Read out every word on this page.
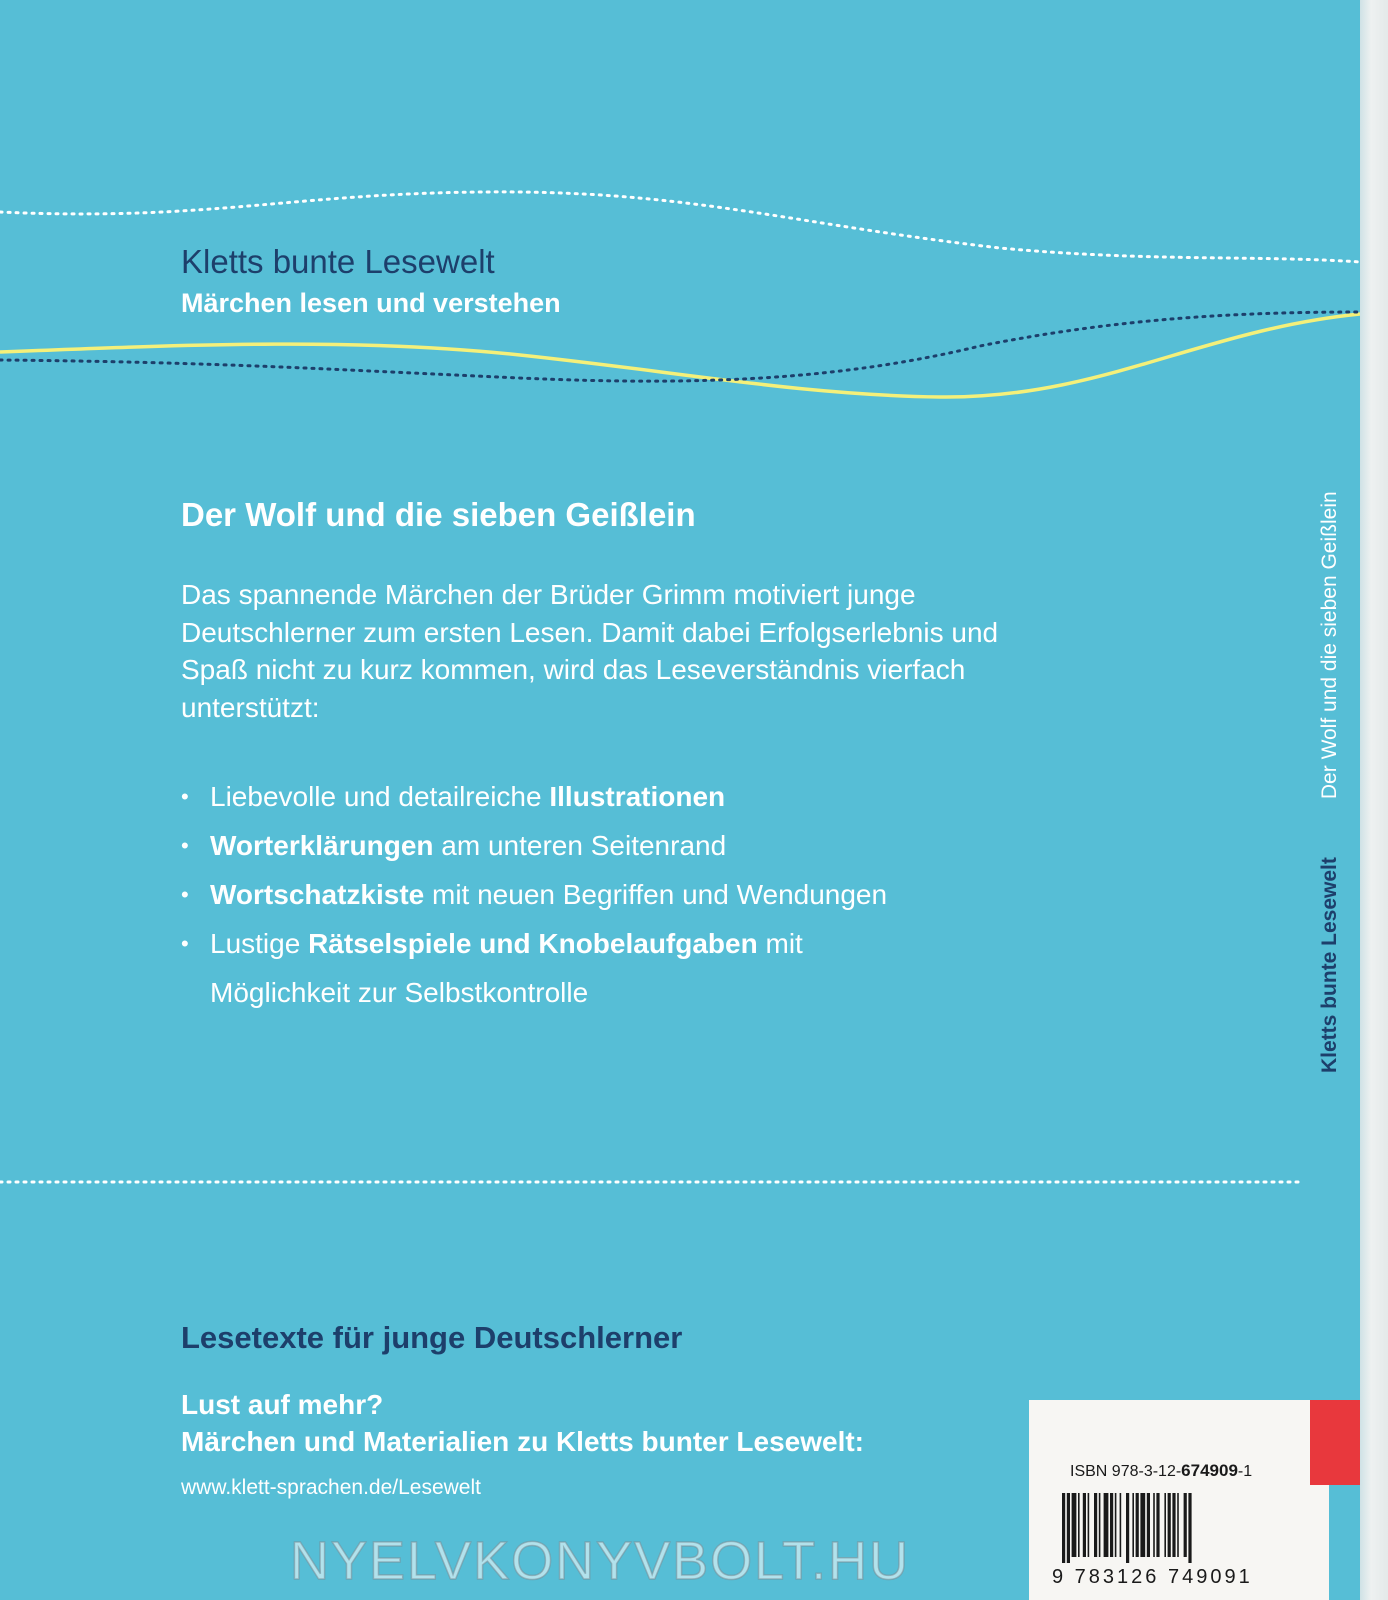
Kletts bunte Lesewelt
Märchen lesen und verstehen
Der Wolf und die sieben Geißlein
Das spannende Märchen der Brüder Grimm motiviert junge
Deutschlerner zum ersten Lesen. Damit dabei Erfolgserlebnis und
Spaß nicht zu kurz kommen, wird das Leseverständnis vierfach
unterstützt:
• Liebevolle und detailreiche Illustrationen
• Worterklärungen am unteren Seitenrand
• Wortschatzkiste mit neuen Begriffen und Wendungen
• Lustige Rätselspiele und Knobelaufgaben mit
Möglichkeit zur Selbstkontrolle	Kletts bunte LeseweltDer Wolf und die sieben Geißlein
Lesetexte für junge Deutschlerner
Lust auf mehr?
Märchen und Materialien zu Kletts bunter Lesewelt:
www.klett-sprachen.de/Lesewelt
ISBN 978-3-12-674909-1
9 783126 749091
NYELVKONYVBOLT.HU
